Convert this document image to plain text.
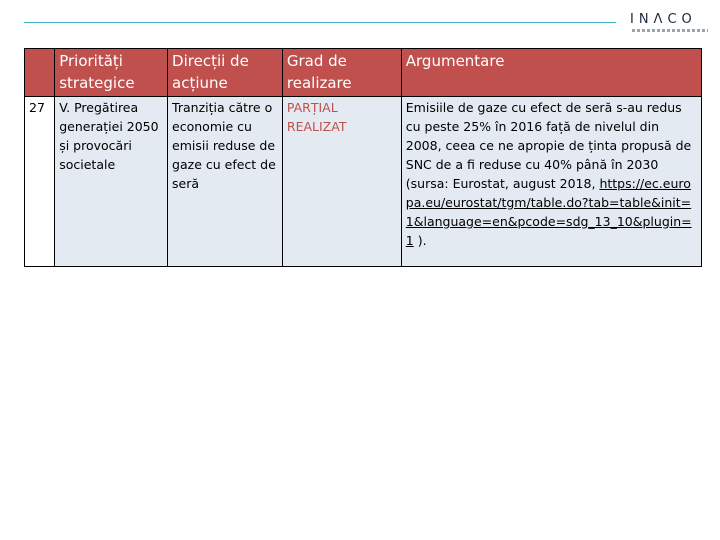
INΛCO
	Priorități strategice	Direcții de acțiune	Grad de realizare	Argumentare
27	V. Pregătirea generației 2050 și provocări societale	Tranziția către o economie cu emisii reduse de gaze cu efect de seră	PARȚIAL REALIZAT	Emisiile de gaze cu efect de seră s-au redus cu peste 25% în 2016 față de nivelul din 2008, ceea ce ne apropie de ținta propusă de SNC de a fi reduse cu 40% până în 2030 (sursa: Eurostat, august 2018, https://ec.europa.eu/eurostat/tgm/table.do?tab=table&init=1&language=en&pcode=sdg_13_10&plugin=1 ).
